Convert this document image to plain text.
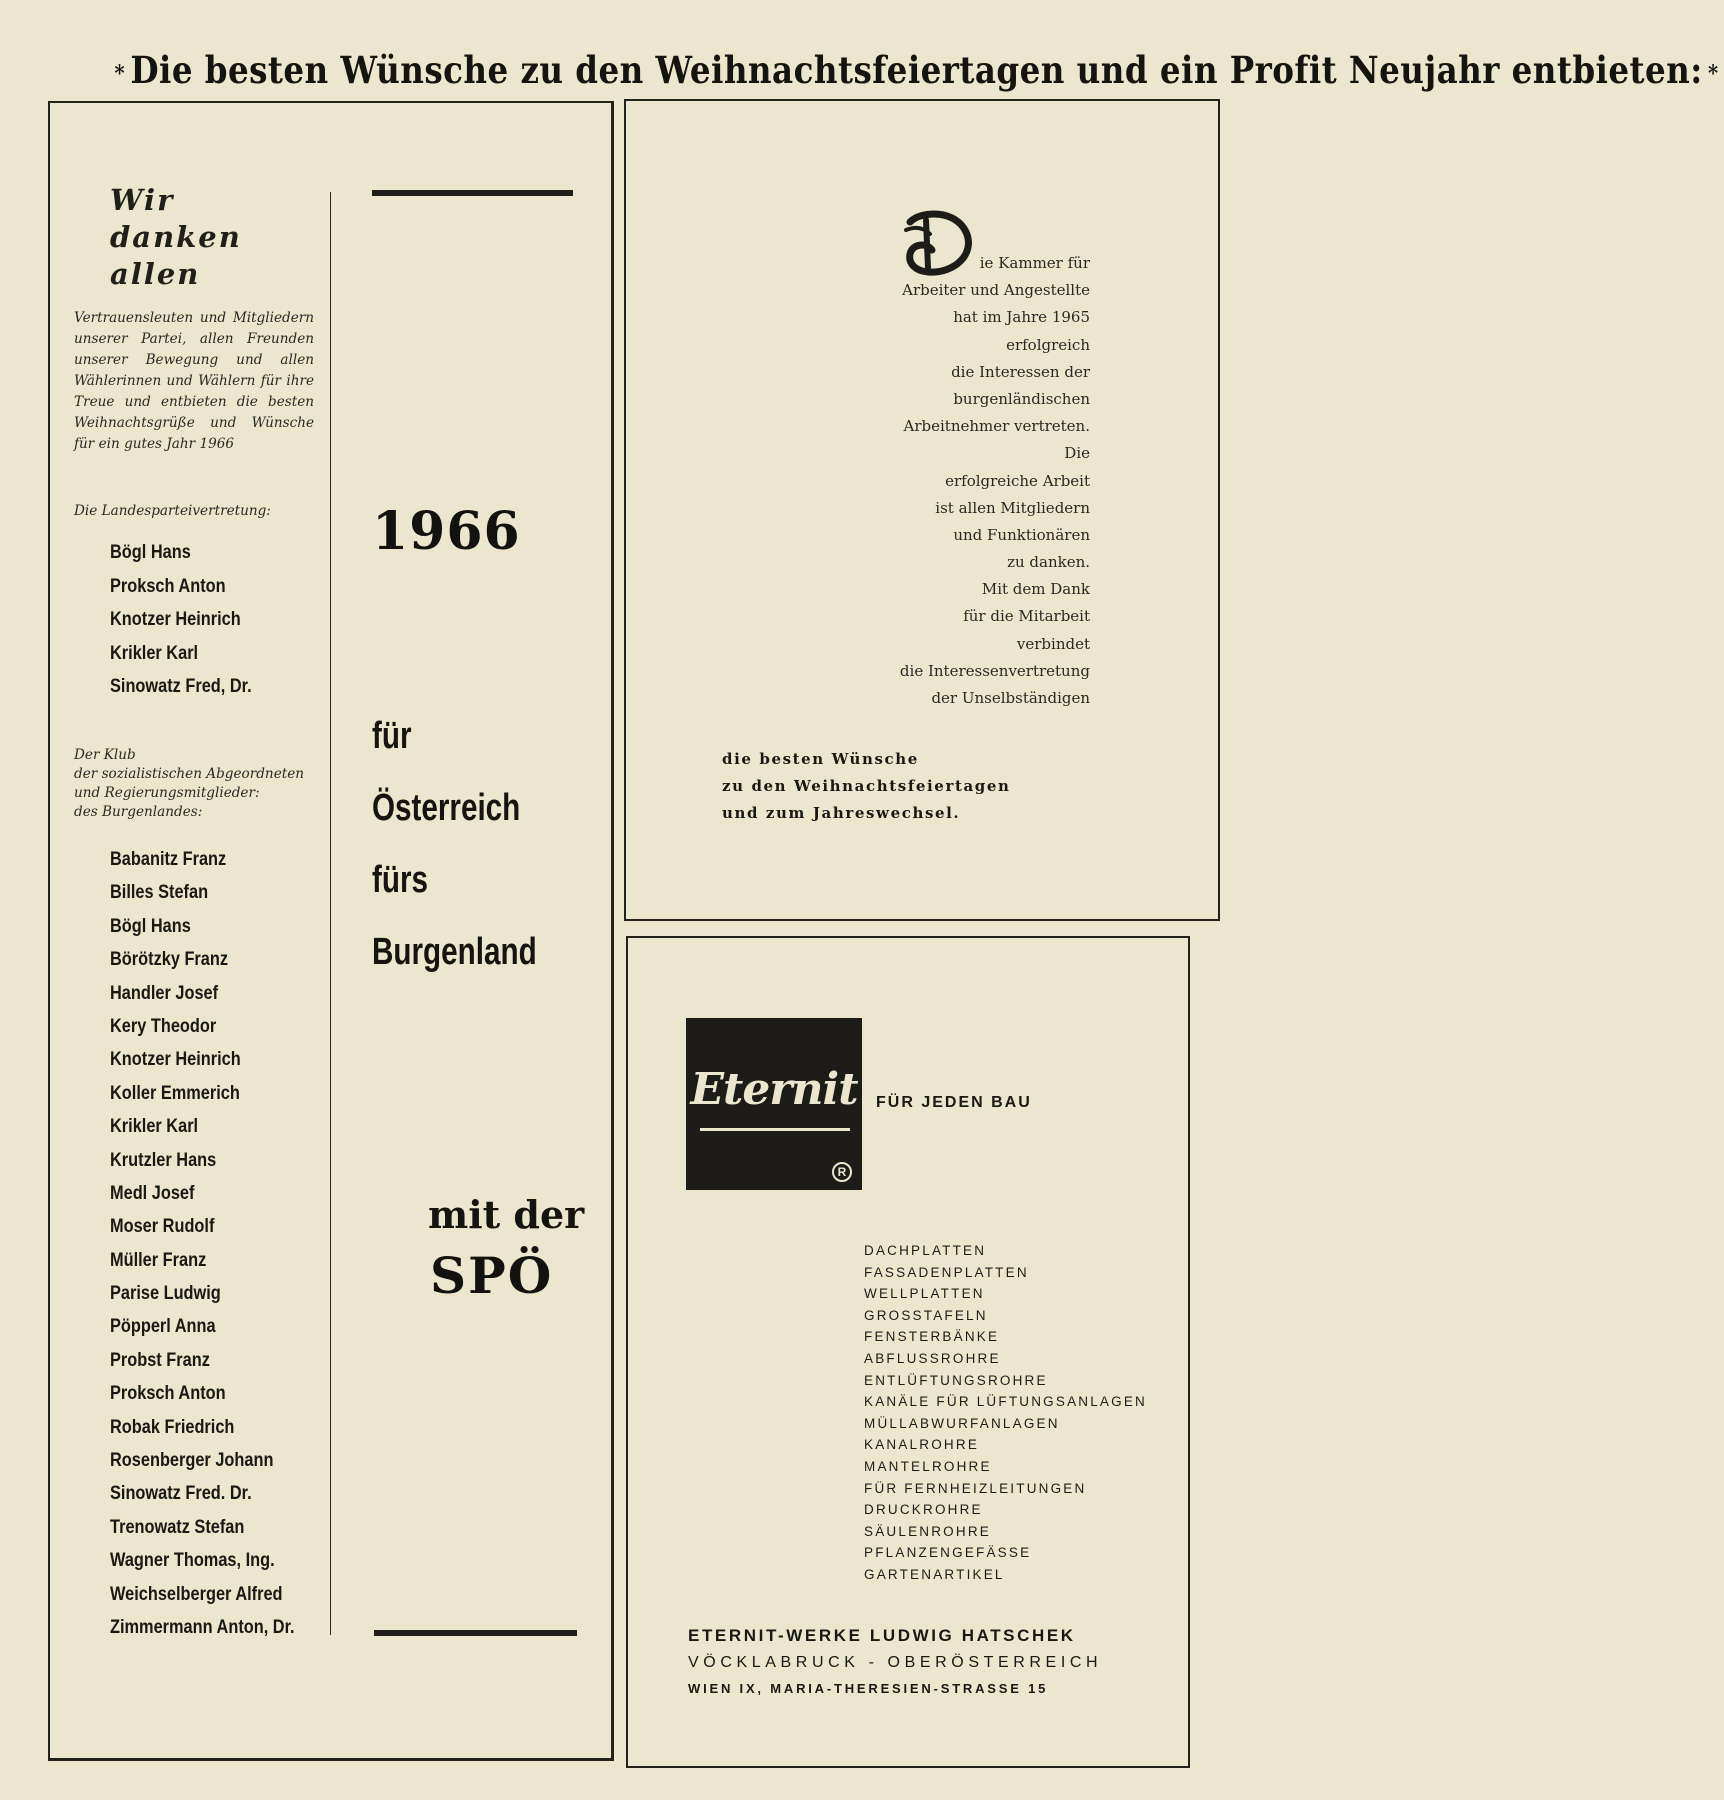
* Die besten Wünsche zu den Weihnachtsfeiertagen und ein Profit Neujahr entbieten: *
Wir
danken
allen

Vertrauensleuten und Mitgliedern unserer Partei, allen Freunden unserer Bewegung und allen Wählerinnen und Wählern für ihre Treue und entbieten die besten Weihnachtsgrüße und Wünsche für ein gutes Jahr 1966

Die Landesparteivertretung:
Bögl Hans
Proksch Anton
Knotzer Heinrich
Krikler Karl
Sinowatz Fred, Dr.
Der Klub
der sozialistischen Abgeordneten
und Regierungsmitglieder:
des Burgenlandes:
Babanitz Franz
Billes Stefan
Bögl Hans
Börötzky Franz
Handler Josef
Kery Theodor
Knotzer Heinrich
Koller Emmerich
Krikler Karl
Krutzler Hans
Medl Josef
Moser Rudolf
Müller Franz
Parise Ludwig
Pöpperl Anna
Probst Franz
Proksch Anton
Robak Friedrich
Rosenberger Johann
Sinowatz Fred. Dr.
Trenowatz Stefan
Wagner Thomas, Ing.
Weichselberger Alfred
Zimmermann Anton, Dr.
1966
für
Österreich
fürs
Burgenland
mit der
SPÖ
D	ie Kammer für
Arbeiter und Angestellte
hat im Jahre 1965
erfolgreich
die Interessen der
burgenländischen
Arbeitnehmer vertreten.
Die
erfolgreiche Arbeit
ist allen Mitgliedern
und Funktionären
zu danken.
Mit dem Dank
für die Mitarbeit
verbindet
die Interessenvertretung
der Unselbständigen
die besten Wünsche
zu den Weihnachtsfeiertagen
und zum Jahreswechsel.
Eternit
R
FÜR JEDEN BAU
DACHPLATTEN
FASSADENPLATTEN
WELLPLATTEN
GROSSTAFELN
FENSTERBÄNKE
ABFLUSSROHRE
ENTLÜFTUNGSROHRE
KANÄLE FÜR LÜFTUNGSANLAGEN
MÜLLABWURFANLAGEN
KANALROHRE
MANTELROHRE
FÜR FERNHEIZLEITUNGEN
DRUCKROHRE
SÄULENROHRE
PFLANZENGEFÄSSE
GARTENARTIKEL
ETERNIT-WERKE LUDWIG HATSCHEK
VÖCKLABRUCK - OBERÖSTERREICH
WIEN IX, MARIA-THERESIEN-STRASSE 15
